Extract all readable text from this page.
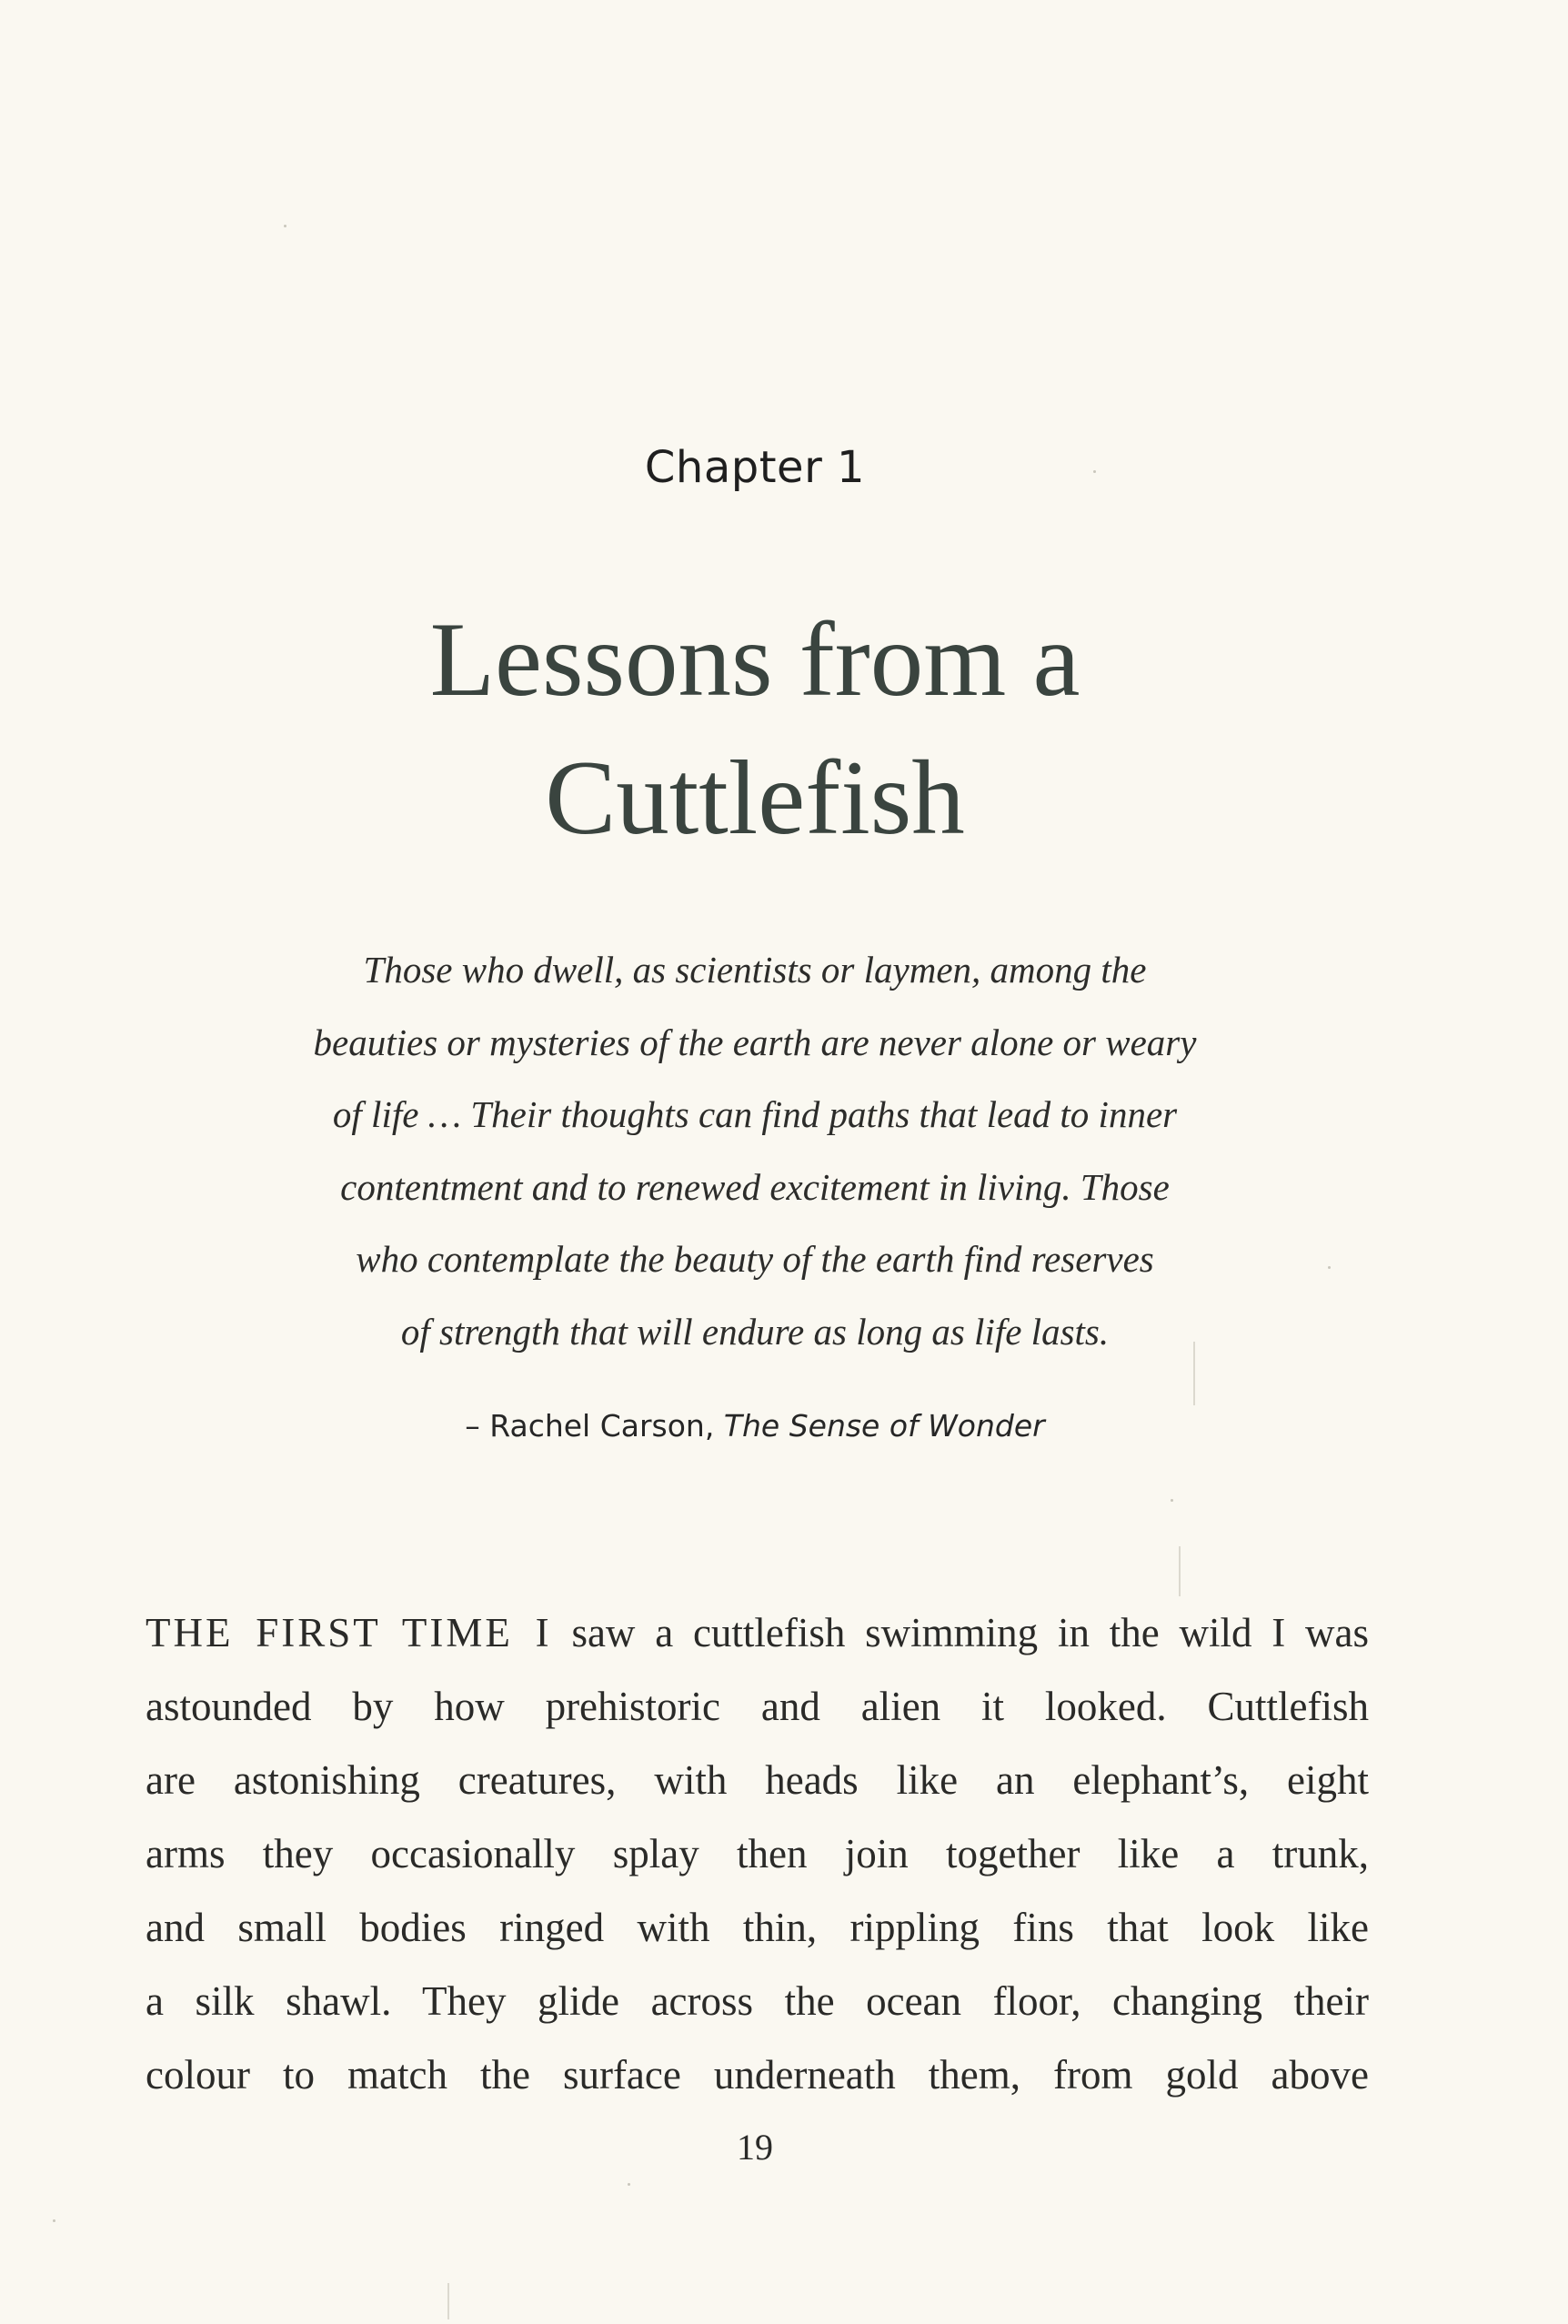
Chapter 1
Lessons from a
Cuttlefish
Those who dwell, as scientists or laymen, among the
beauties or mysteries of the earth are never alone or weary
of life … Their thoughts can find paths that lead to inner
contentment and to renewed excitement in living. Those
who contemplate the beauty of the earth find reserves
of strength that will endure as long as life lasts.
– Rachel Carson, The Sense of Wonder
THE FIRST TIME I saw a cuttlefish swimming in the wild I was
astounded by how prehistoric and alien it looked. Cuttlefish
are astonishing creatures, with heads like an elephant’s, eight
arms they occasionally splay then join together like a trunk,
and small bodies ringed with thin, rippling fins that look like
a silk shawl. They glide across the ocean floor, changing their
colour to match the surface underneath them, from gold above
19
